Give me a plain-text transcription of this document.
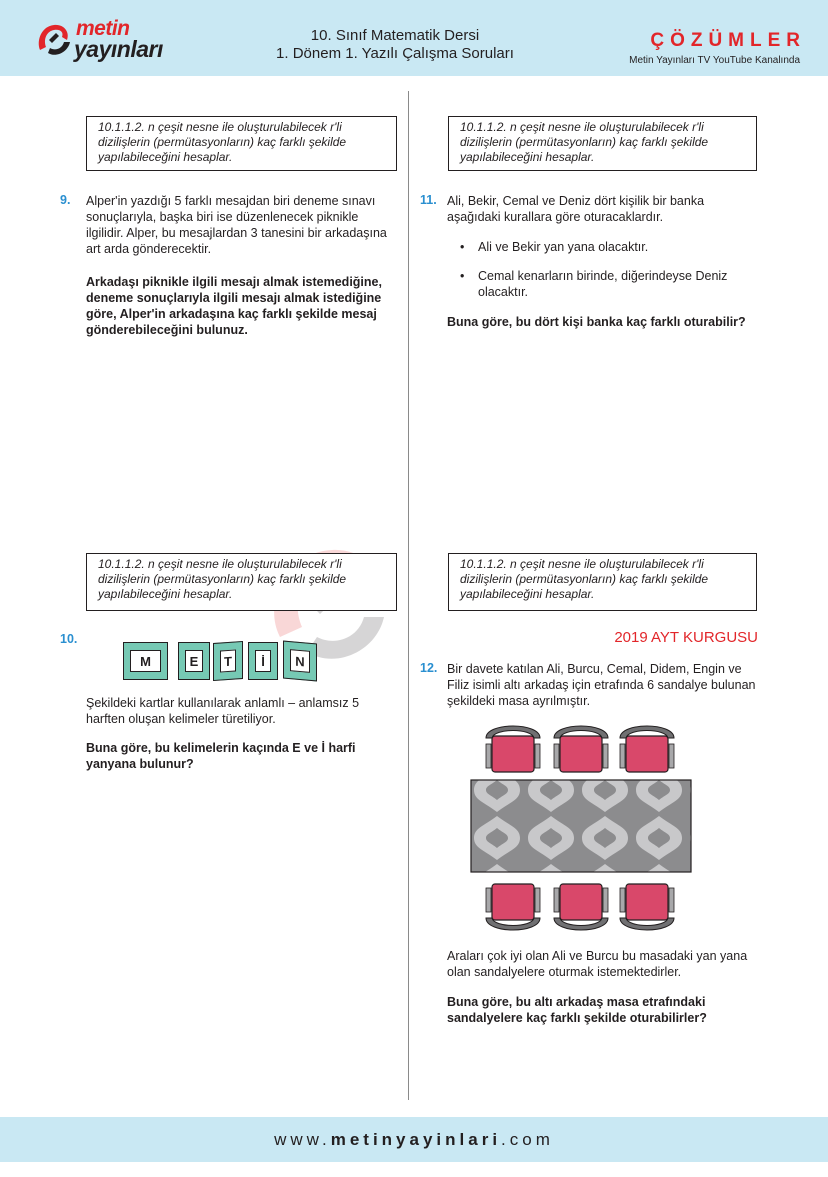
metin
yayınları
10. Sınıf Matematik Dersi
1. Dönem 1. Yazılı Çalışma Soruları
ÇÖZÜMLER
Metin Yayınları TV YouTube Kanalında
10.1.1.2. n çeşit nesne ile oluşturulabilecek r'li dizilişlerin (permütasyonların) kaç farklı şekilde yapılabileceğini hesaplar.
9. Alper'in yazdığı 5 farklı mesajdan biri deneme sınavı sonuçlarıyla, başka biri ise düzenlenecek piknikle ilgilidir. Alper, bu mesajlardan 3 tanesini bir arkadaşına art arda gönderecektir.
Arkadaşı piknikle ilgili mesajı almak istemediğine, deneme sonuçlarıyla ilgili mesajı almak istediğine göre, Alper'in arkadaşına kaç farklı şekilde mesaj gönderebileceğini bulunuz.
10.1.1.2. n çeşit nesne ile oluşturulabilecek r'li dizilişlerin (permütasyonların) kaç farklı şekilde yapılabileceğini hesaplar.
11. Ali, Bekir, Cemal ve Deniz dört kişilik bir banka aşağıdaki kurallara göre oturacaklardır.
• Ali ve Bekir yan yana olacaktır.
• Cemal kenarların birinde, diğerindeyse Deniz olacaktır.
Buna göre, bu dört kişi banka kaç farklı oturabilir?
10.1.1.2. n çeşit nesne ile oluşturulabilecek r'li dizilişlerin (permütasyonların) kaç farklı şekilde yapılabileceğini hesaplar.
10.
M	E	T	İ	N
Şekildeki kartlar kullanılarak anlamlı – anlamsız 5 harften oluşan kelimeler türetiliyor.
Buna göre, bu kelimelerin kaçında E ve İ harfi yanyana bulunur?
10.1.1.2. n çeşit nesne ile oluşturulabilecek r'li dizilişlerin (permütasyonların) kaç farklı şekilde yapılabileceğini hesaplar.
2019 AYT KURGUSU
12. Bir davete katılan Ali, Burcu, Cemal, Didem, Engin ve Filiz isimli altı arkadaş için etrafında 6 sandalye bulunan şekildeki masa ayrılmıştır.
Araları çok iyi olan Ali ve Burcu bu masadaki yan yana olan sandalyelere oturmak istemektedirler.
Buna göre, bu altı arkadaş masa etrafındaki sandalyelere kaç farklı şekilde oturabilirler?
www.metinyayinlari.com
